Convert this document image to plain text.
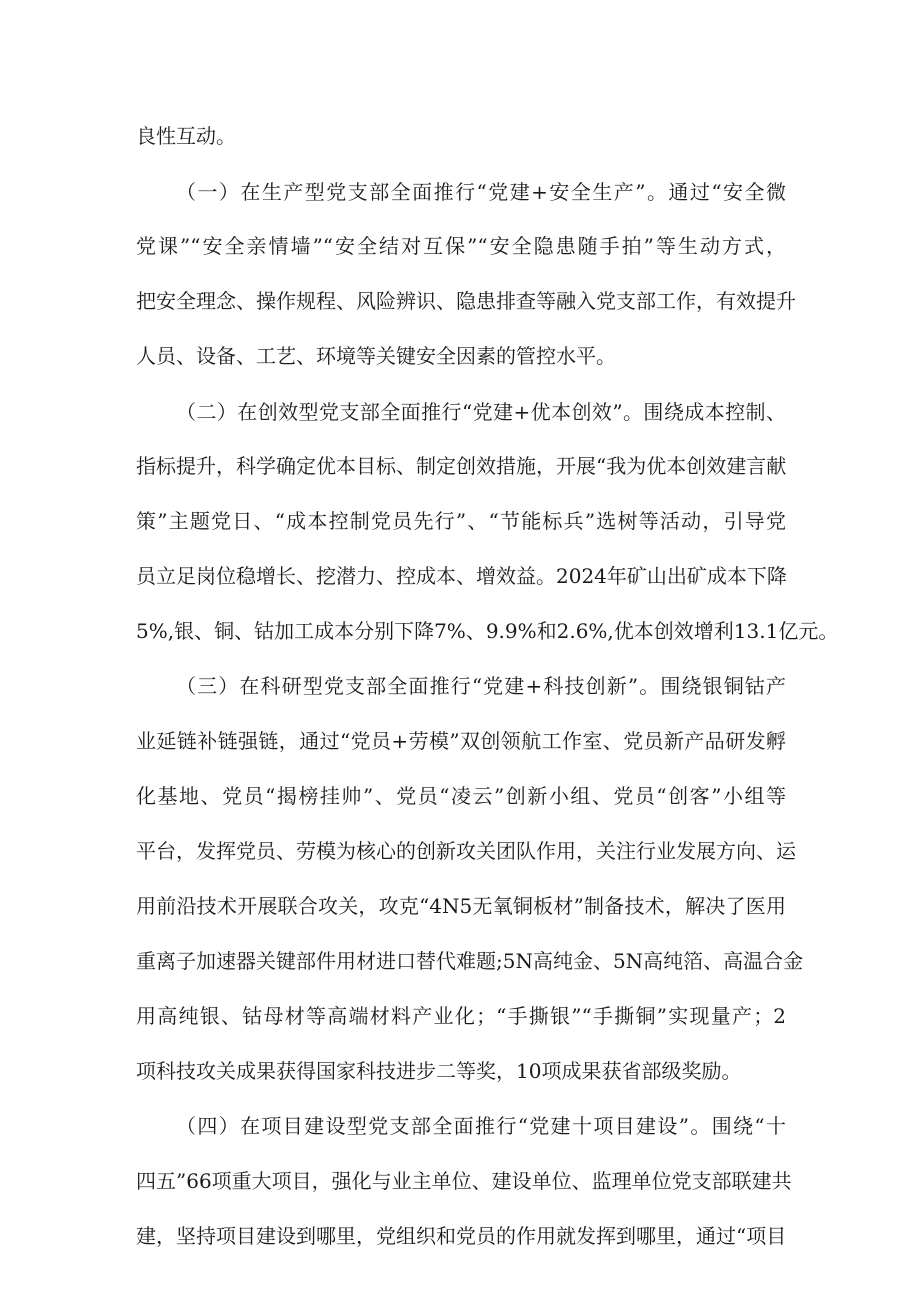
良性互动。
（一）在生产型党支部全面推行“党建+安全生产”。通过“安全微
党课”“安全亲情墙”“安全结对互保”“安全隐患随手拍”等生动方式，
把安全理念、操作规程、风险辨识、隐患排查等融入党支部工作，有效提升
人员、设备、工艺、环境等关键安全因素的管控水平。
（二）在创效型党支部全面推行“党建+优本创效”。围绕成本控制、
指标提升，科学确定优本目标、制定创效措施，开展“我为优本创效建言献
策”主题党日、“成本控制党员先行”、“节能标兵”选树等活动，引导党
员立足岗位稳增长、挖潜力、控成本、增效益。2024年矿山出矿成本下降
5%,银、铜、钴加工成本分别下降7%、9.9%和2.6%,优本创效增利13.1亿元。
（三）在科研型党支部全面推行“党建+科技创新”。围绕银铜钴产
业延链补链强链，通过“党员+劳模”双创领航工作室、党员新产品研发孵
化基地、党员“揭榜挂帅”、党员“凌云”创新小组、党员“创客”小组等
平台，发挥党员、劳模为核心的创新攻关团队作用，关注行业发展方向、运
用前沿技术开展联合攻关，攻克“4N5无氧铜板材”制备技术，解决了医用
重离子加速器关键部件用材进口替代难题;5N高纯金、5N高纯箔、高温合金
用高纯银、钴母材等高端材料产业化；“手撕银”“手撕铜”实现量产；2
项科技攻关成果获得国家科技进步二等奖，10项成果获省部级奖励。
（四）在项目建设型党支部全面推行“党建十项目建设”。围绕“十
四五”66项重大项目，强化与业主单位、建设单位、监理单位党支部联建共
建，坚持项目建设到哪里，党组织和党员的作用就发挥到哪里，通过“项目
